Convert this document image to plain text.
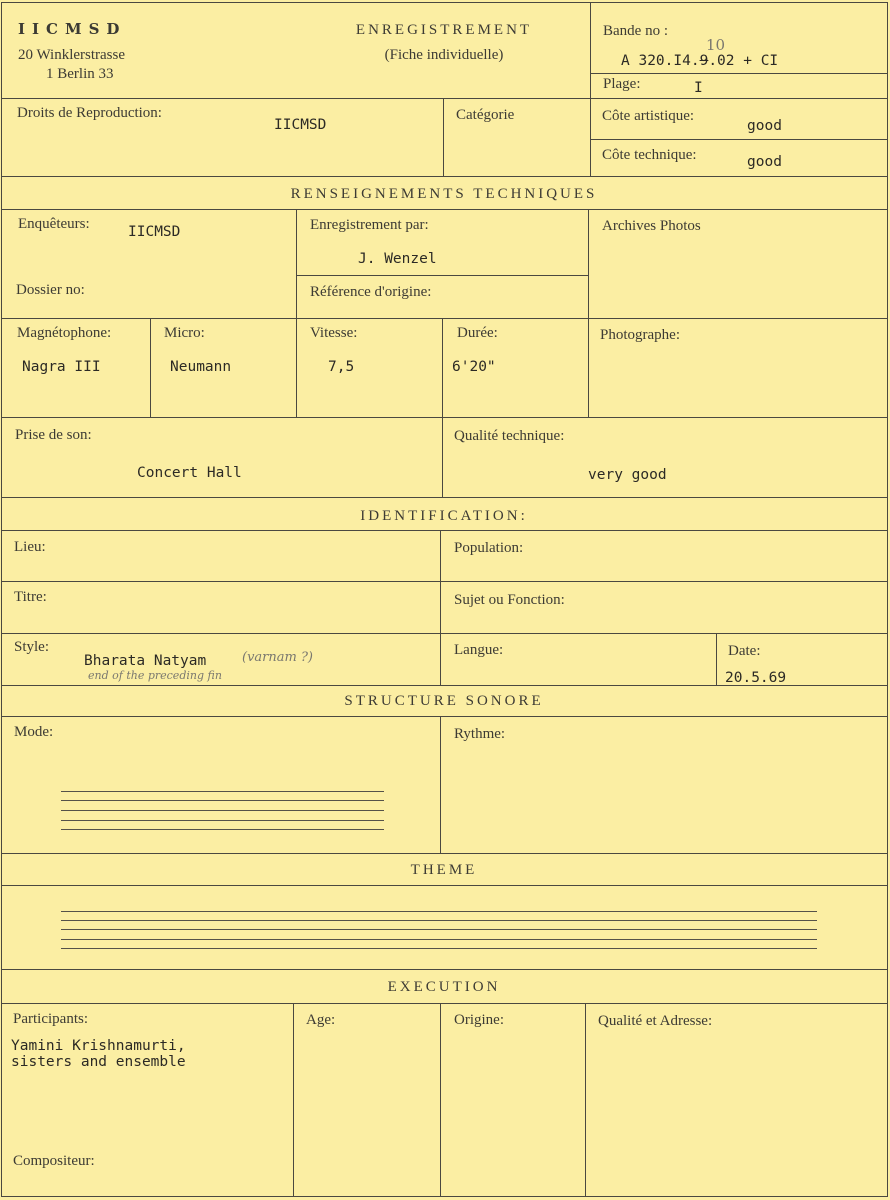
IICMSD
20 Winklerstrasse
1 Berlin 33
ENREGISTREMENT
(Fiche individuelle)
Bande no :
A 320.I4.9.02 + CI
10
Plage:	I
Droits de Reproduction:
IICMSD
Catégorie	Côte artistique:
good
Côte technique:	good
RENSEIGNEMENTS TECHNIQUES
Enquêteurs:	IICMSD	Enregistrement par:
J. Wenzel
Archives Photos
Dossier no:	Référence d'origine:
Magnétophone:
Nagra III
Micro:
Neumann
Vitesse:
7,5
Durée:
6'20"
Photographe:
Prise de son:
Concert Hall
Qualité technique:
very good
IDENTIFICATION:
Lieu:	Population:
Titre:	Sujet ou Fonction:
Style:
Bharata Natyam	(varnam ?)
end of the preceding fin
Langue:	Date:
20.5.69
STRUCTURE SONORE
Mode:	Rythme:
THEME
EXECUTION
Participants:
Yamini Krishnamurti,
sisters and ensemble
Age:	Origine:	Qualité et Adresse:
Compositeur:
